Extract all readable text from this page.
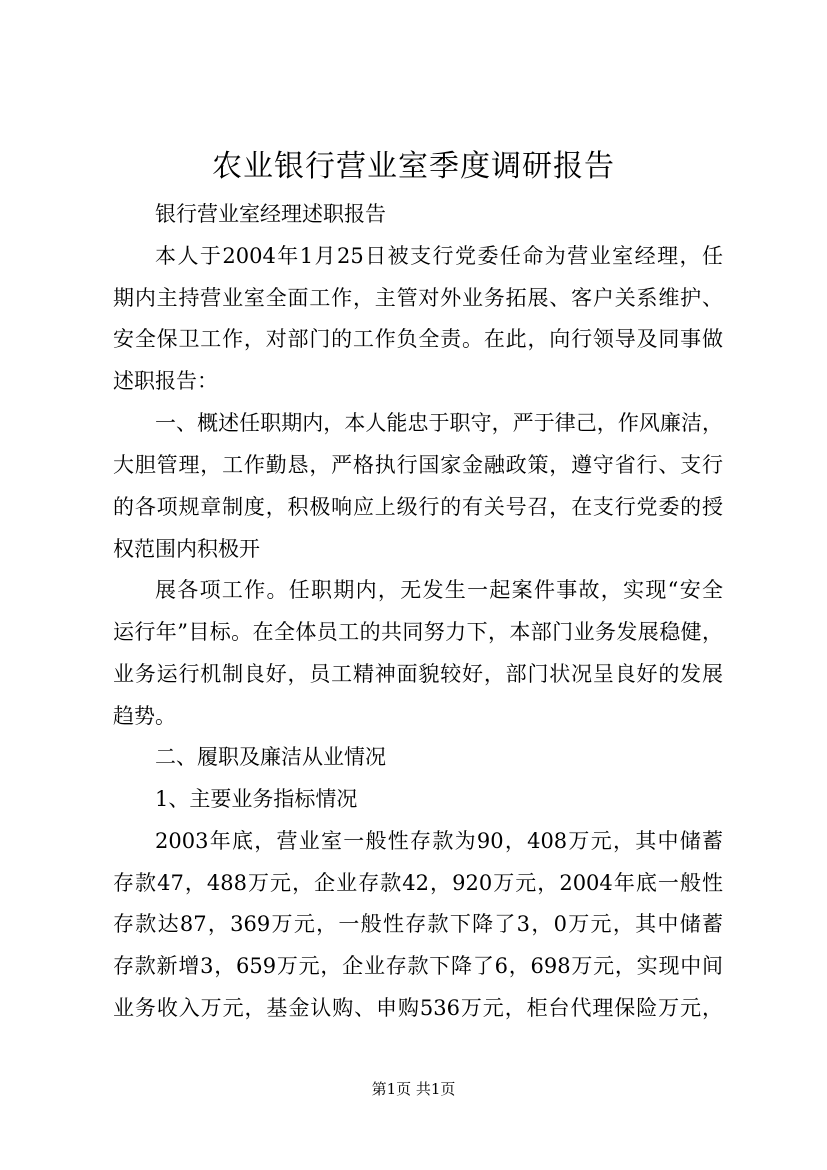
农业银行营业室季度调研报告
银行营业室经理述职报告
本人于2004年1月25日被支行党委任命为营业室经理，任
期内主持营业室全面工作，主管对外业务拓展、客户关系维护、
安全保卫工作，对部门的工作负全责。在此，向行领导及同事做
述职报告：
一、概述任职期内，本人能忠于职守，严于律己，作风廉洁，
大胆管理，工作勤恳，严格执行国家金融政策，遵守省行、支行
的各项规章制度，积极响应上级行的有关号召，在支行党委的授
权范围内积极开
展各项工作。任职期内，无发生一起案件事故，实现“安全
运行年”目标。在全体员工的共同努力下，本部门业务发展稳健，
业务运行机制良好，员工精神面貌较好，部门状况呈良好的发展
趋势。
二、履职及廉洁从业情况
1、主要业务指标情况
2003年底，营业室一般性存款为90，408万元，其中储蓄
存款47，488万元，企业存款42，920万元，2004年底一般性
存款达87，369万元，一般性存款下降了3，0万元，其中储蓄
存款新增3，659万元，企业存款下降了6，698万元，实现中间
业务收入万元，基金认购、申购536万元，柜台代理保险万元，
第1页 共1页
